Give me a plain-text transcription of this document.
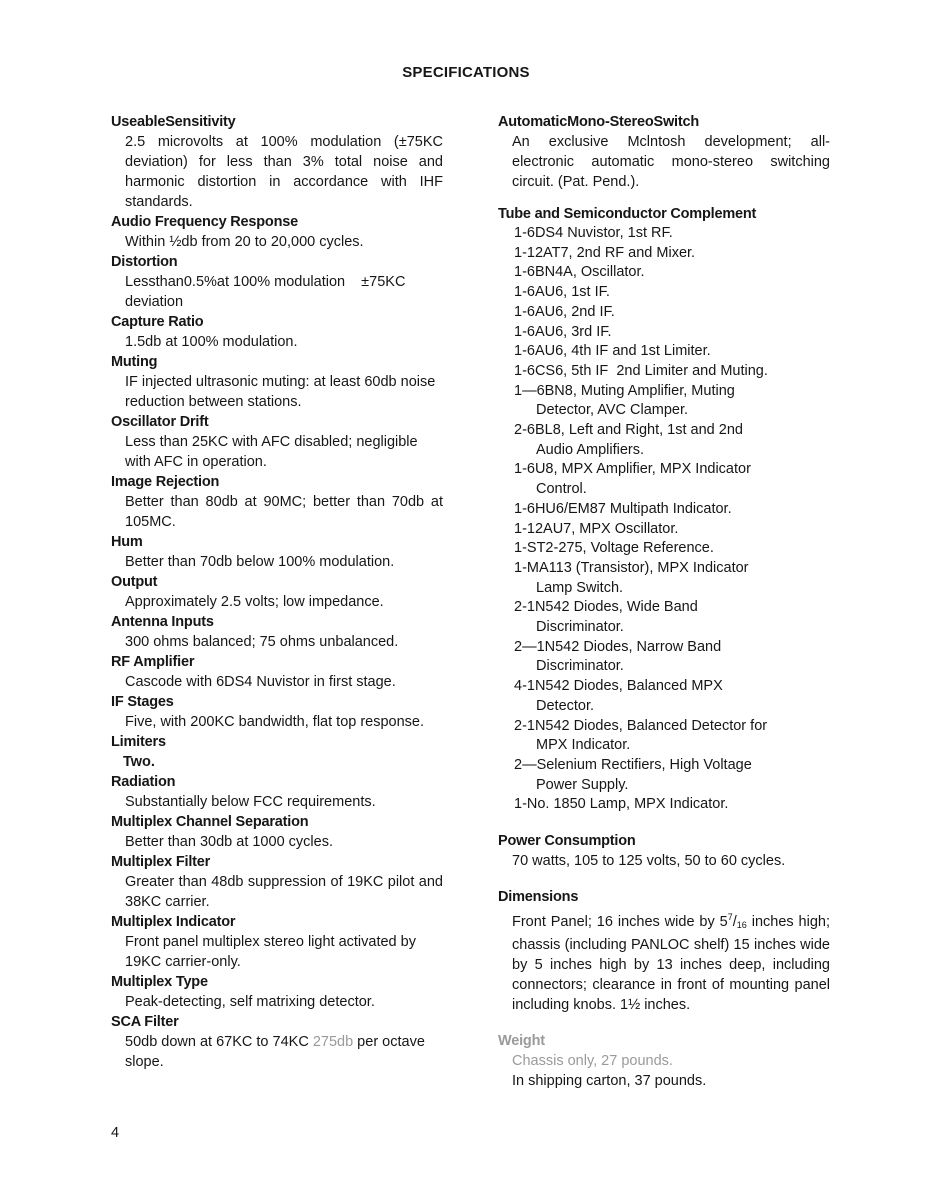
SPECIFICATIONS
UseableSensitivity
2.5 microvolts at 100% modulation (±75KC deviation) for less than 3% total noise and harmonic distortion in accordance with IHF standards.
Audio Frequency Response
Within ½db from 20 to 20,000 cycles.
Distortion
Lessthan0.5%at 100% modulation    ±75KC
deviation
Capture Ratio
1.5db at 100% modulation.
Muting
IF injected ultrasonic muting: at least 60db noise reduction between stations.
Oscillator Drift
Less than 25KC with AFC disabled; negligible with AFC in operation.
Image Rejection
Better than 80db at 90MC; better than 70db at 105MC.
Hum
Better than 70db below 100% modulation.
Output
Approximately 2.5 volts; low impedance.
Antenna Inputs
300 ohms balanced; 75 ohms unbalanced.
RF Amplifier
Cascode with 6DS4 Nuvistor in first stage.
IF Stages
Five, with 200KC bandwidth, flat top response.
Limiters
Two.
Radiation
Substantially below FCC requirements.
Multiplex Channel Separation
Better than 30db at 1000 cycles.
Multiplex Filter
Greater than 48db suppression of 19KC pilot and 38KC carrier.
Multiplex Indicator
Front panel multiplex stereo light activated by 19KC carrier-only.
Multiplex Type
Peak-detecting, self matrixing detector.
SCA Filter
50db down at 67KC to 74KC 275db per octave slope.
AutomaticMono-StereoSwitch
An exclusive Mclntosh development; all-electronic automatic mono-stereo switching circuit. (Pat. Pend.).
Tube and Semiconductor Complement
1-6DS4 Nuvistor, 1st RF.
1-12AT7, 2nd RF and Mixer.
1-6BN4A, Oscillator.
1-6AU6, 1st IF.
1-6AU6, 2nd IF.
1-6AU6, 3rd IF.
1-6AU6, 4th IF and 1st Limiter.
1-6CS6, 5th IF  2nd Limiter and Muting.
1—6BN8, Muting Amplifier, Muting
Detector, AVC Clamper.
2-6BL8, Left and Right, 1st and 2nd
Audio Amplifiers.
1-6U8, MPX Amplifier, MPX Indicator
Control.
1-6HU6/EM87 Multipath Indicator.
1-12AU7, MPX Oscillator.
1-ST2-275, Voltage Reference.
1-MA113 (Transistor), MPX Indicator
Lamp Switch.
2-1N542 Diodes, Wide Band
Discriminator.
2—1N542 Diodes, Narrow Band
Discriminator.
4-1N542 Diodes, Balanced MPX
Detector.
2-1N542 Diodes, Balanced Detector for
MPX Indicator.
2—Selenium Rectifiers, High Voltage
Power Supply.
1-No. 1850 Lamp, MPX Indicator.
Power Consumption
70 watts, 105 to 125 volts, 50 to 60 cycles.
Dimensions
Front Panel; 16 inches wide by $5^7/_{16}$ inches high; chassis (including PANLOC shelf) 15 inches wide by 5 inches high by 13 inches deep, including connectors; clearance in front of mounting panel including knobs. 1½ inches.
Weight
Chassis only, 27 pounds.
In shipping carton, 37 pounds.
4
